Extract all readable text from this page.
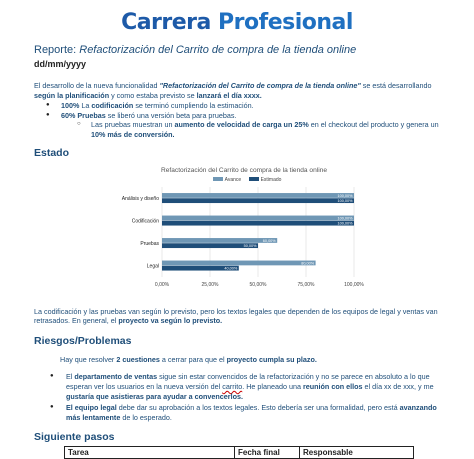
Carrera Profesional
Reporte: Refactorización del Carrito de compra de la tienda online
dd/mm/yyyy

El desarrollo de la nueva funcionalidad "Refactorización del Carrito de compra de la tienda online" se está desarrollando según la planificación y como estaba previsto se lanzará el día xxxx.

● 100% La codificación se terminó cumpliendo la estimación.
● 60% Pruebas se liberó una versión beta para pruebas.
○ Las pruebas muestran un aumento de velocidad de carga un 25% en el checkout del producto y genera un 10% más de conversión.
Estado
Refactorización del Carrito de compra de la tienda online
Avance	Estimado
0,00%	25,00%	50,00%	75,00%	100,00%
Análisis y diseño
100,00%
100,00%
Codificación
100,00%
100,00%
Pruebas
60,00%
50,00%
Legal
80,00%
40,00%

La codificación y las pruebas van según lo previsto, pero los textos legales que dependen de los equipos de legal y ventas van retrasados. En general, el proyecto va según lo previsto.

Riesgos/Problemas

Hay que resolver 2 cuestiones a cerrar para que el proyecto cumpla su plazo.

● El departamento de ventas sigue sin estar convencidos de la refactorización y no se parece en absoluto a lo que esperan ver los usuarios en la nueva versión del carrito. He planeado una reunión con ellos el día xx de xxx, y me gustaría que asistieras para ayudar a convencerlos.
● El equipo legal debe dar su aprobación a los textos legales. Esto debería ser una formalidad, pero está avanzando más lentamente de lo esperado.
Siguiente pasos
Tarea	Fecha final	Responsable
